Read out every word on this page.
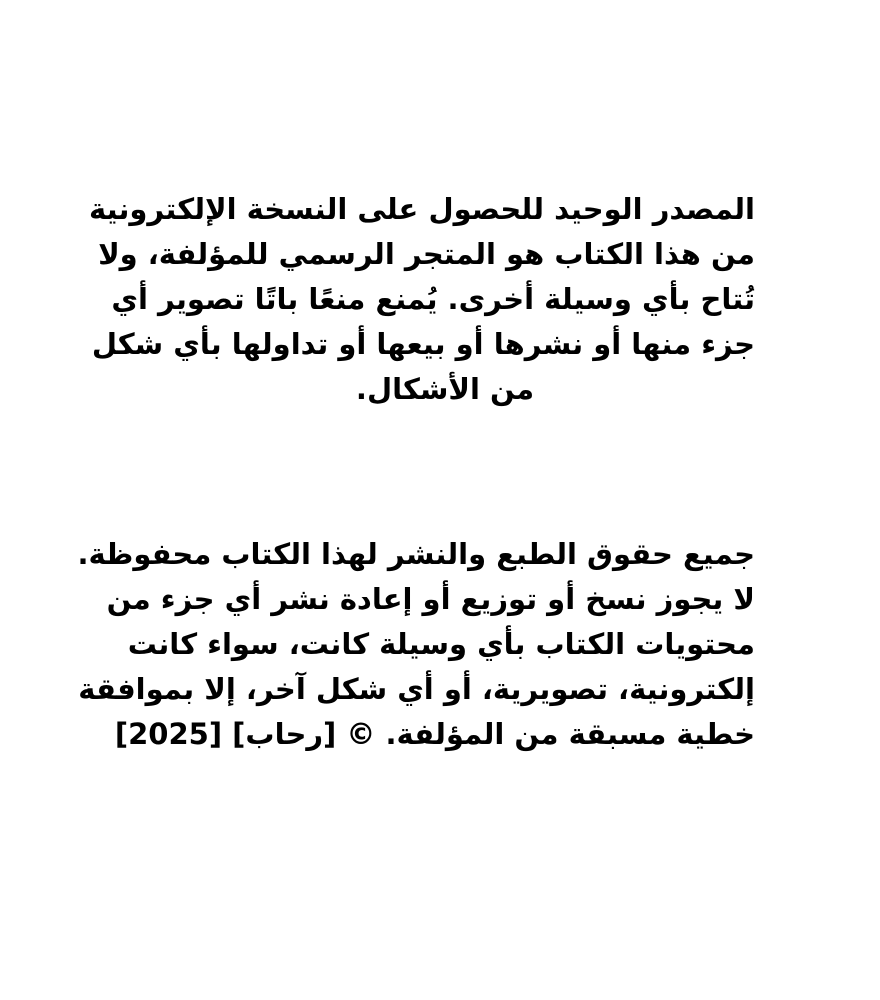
المصدر الوحيد للحصول على النسخة الإلكترونية
من هذا الكتاب هو المتجر الرسمي للمؤلفة، ولا
تُتاح بأي وسيلة أخرى. يُمنع منعًا باتًا تصوير أي
جزء منها أو نشرها أو بيعها أو تداولها بأي شكل
من الأشكال.

جميع حقوق الطبع والنشر لهذا الكتاب محفوظة.
لا يجوز نسخ أو توزيع أو إعادة نشر أي جزء من
محتويات الكتاب بأي وسيلة كانت، سواء كانت
إلكترونية، تصويرية، أو أي شكل آخر، إلا بموافقة
خطية مسبقة من المؤلفة. © [رحاب] [2025]
